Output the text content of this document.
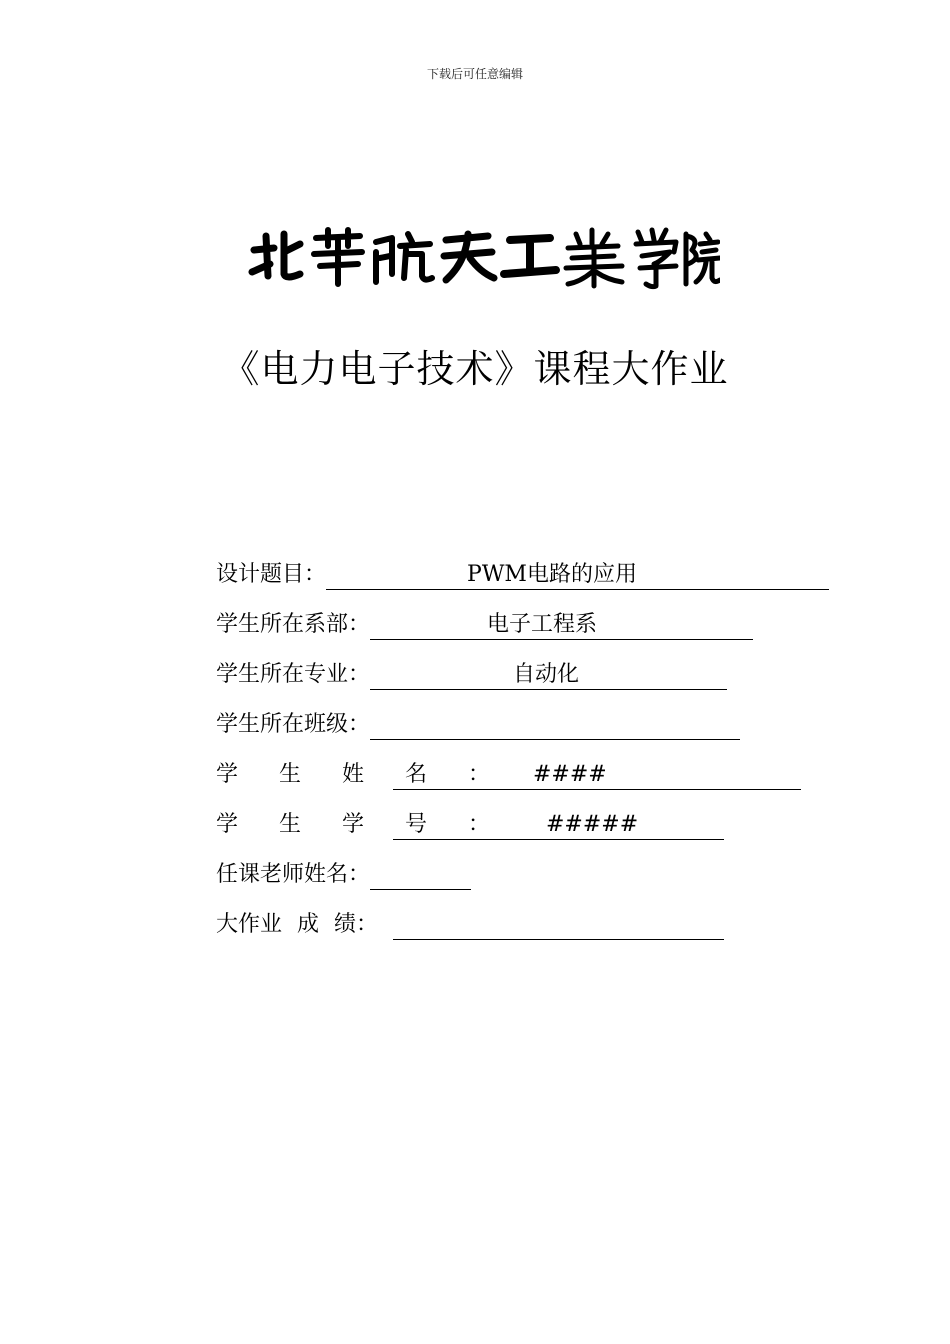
下载后可任意编辑
《电力电子技术》课程大作业
设计题目：	PWM电路的应用
学生所在系部：	电子工程系
学生所在专业：	自动化
学生所在班级：
学 生 姓 名 ：	####
学 生 学 号 ：	#####
任课老师姓名：
大作业 成 绩：
